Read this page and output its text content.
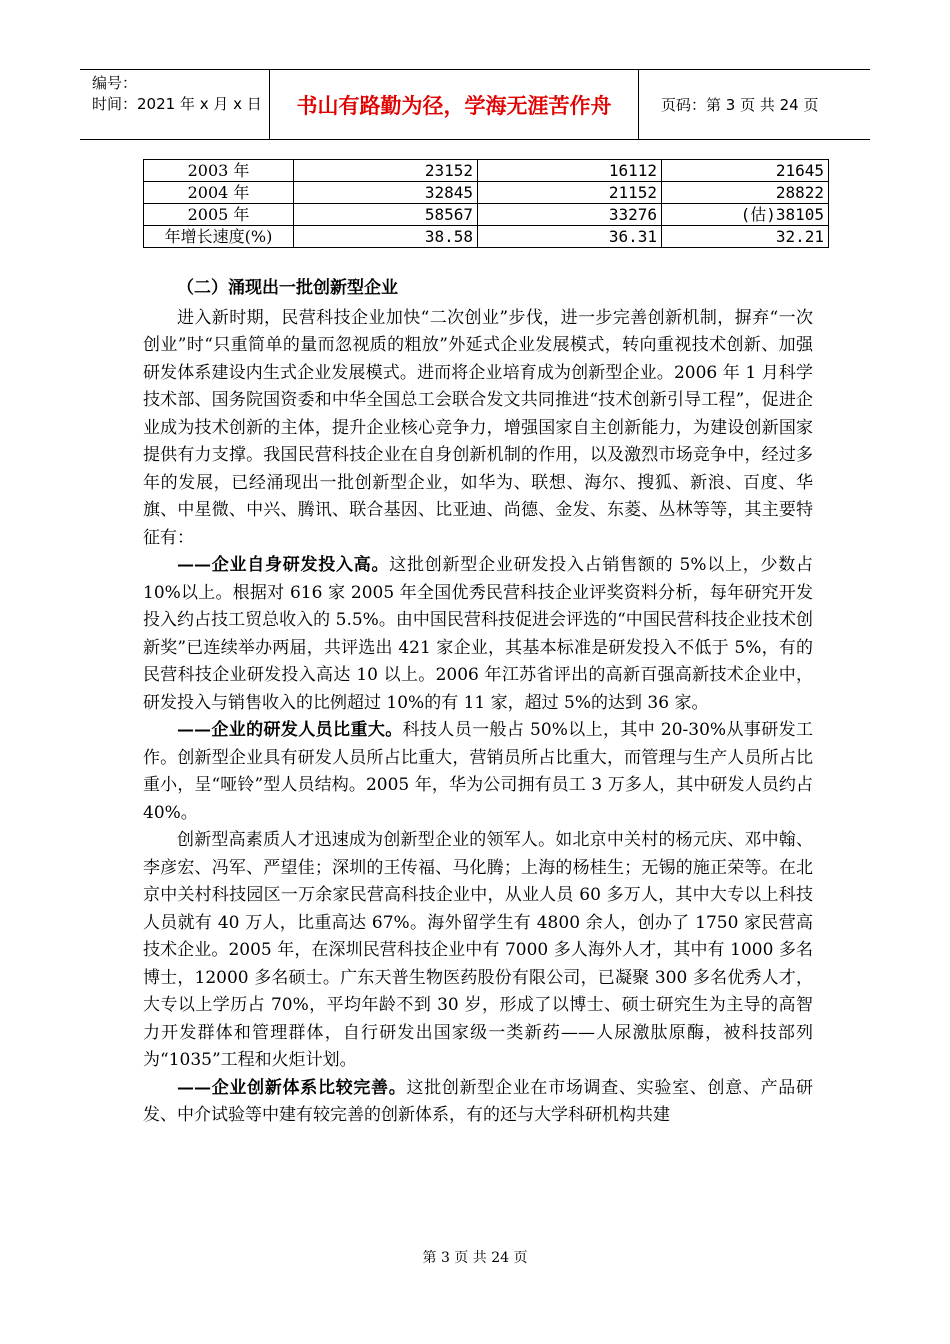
编号：
时间：2021 年 x 月 x 日	书山有路勤为径，学海无涯苦作舟	页码：第 3 页 共 24 页
2003 年	23152	16112	21645
2004 年	32845	21152	28822
2005 年	58567	33276	(估)38105
年增长速度(%)	38.58	36.31	32.21
（二）涌现出一批创新型企业

进入新时期，民营科技企业加快“二次创业”步伐，进一步完善创新机制，摒弃“一次创业”时“只重简单的量而忽视质的粗放”外延式企业发展模式，转向重视技术创新、加强研发体系建设内生式企业发展模式。进而将企业培育成为创新型企业。2006 年 1 月科学技术部、国务院国资委和中华全国总工会联合发文共同推进“技术创新引导工程”，促进企业成为技术创新的主体，提升企业核心竞争力，增强国家自主创新能力，为建设创新国家提供有力支撑。我国民营科技企业在自身创新机制的作用，以及激烈市场竞争中，经过多年的发展，已经涌现出一批创新型企业，如华为、联想、海尔、搜狐、新浪、百度、华旗、中星微、中兴、腾讯、联合基因、比亚迪、尚德、金发、东菱、丛林等等，其主要特征有：

——企业自身研发投入高。这批创新型企业研发投入占销售额的 5%以上，少数占 10%以上。根据对 616 家 2005 年全国优秀民营科技企业评奖资料分析，每年研究开发投入约占技工贸总收入的 5.5%。由中国民营科技促进会评选的“中国民营科技企业技术创新奖”已连续举办两届，共评选出 421 家企业，其基本标准是研发投入不低于 5%，有的民营科技企业研发投入高达 10 以上。2006 年江苏省评出的高新百强高新技术企业中，研发投入与销售收入的比例超过 10%的有 11 家，超过 5%的达到 36 家。

——企业的研发人员比重大。科技人员一般占 50%以上，其中 20-30%从事研发工作。创新型企业具有研发人员所占比重大，营销员所占比重大，而管理与生产人员所占比重小，呈“哑铃”型人员结构。2005 年，华为公司拥有员工 3 万多人，其中研发人员约占 40%。

创新型高素质人才迅速成为创新型企业的领军人。如北京中关村的杨元庆、邓中翰、李彦宏、冯军、严望佳；深圳的王传福、马化腾；上海的杨桂生；无锡的施正荣等。在北京中关村科技园区一万余家民营高科技企业中，从业人员 60 多万人，其中大专以上科技人员就有 40 万人，比重高达 67%。海外留学生有 4800 余人，创办了 1750 家民营高技术企业。2005 年，在深圳民营科技企业中有 7000 多人海外人才，其中有 1000 多名博士，12000 多名硕士。广东天普生物医药股份有限公司，已凝聚 300 多名优秀人才，大专以上学历占 70%，平均年龄不到 30 岁，形成了以博士、硕士研究生为主导的高智力开发群体和管理群体，自行研发出国家级一类新药——人尿激肽原酶，被科技部列为“1035”工程和火炬计划。

——企业创新体系比较完善。这批创新型企业在市场调查、实验室、创意、产品研发、中介试验等中建有较完善的创新体系，有的还与大学科研机构共建

第 3 页 共 24 页
